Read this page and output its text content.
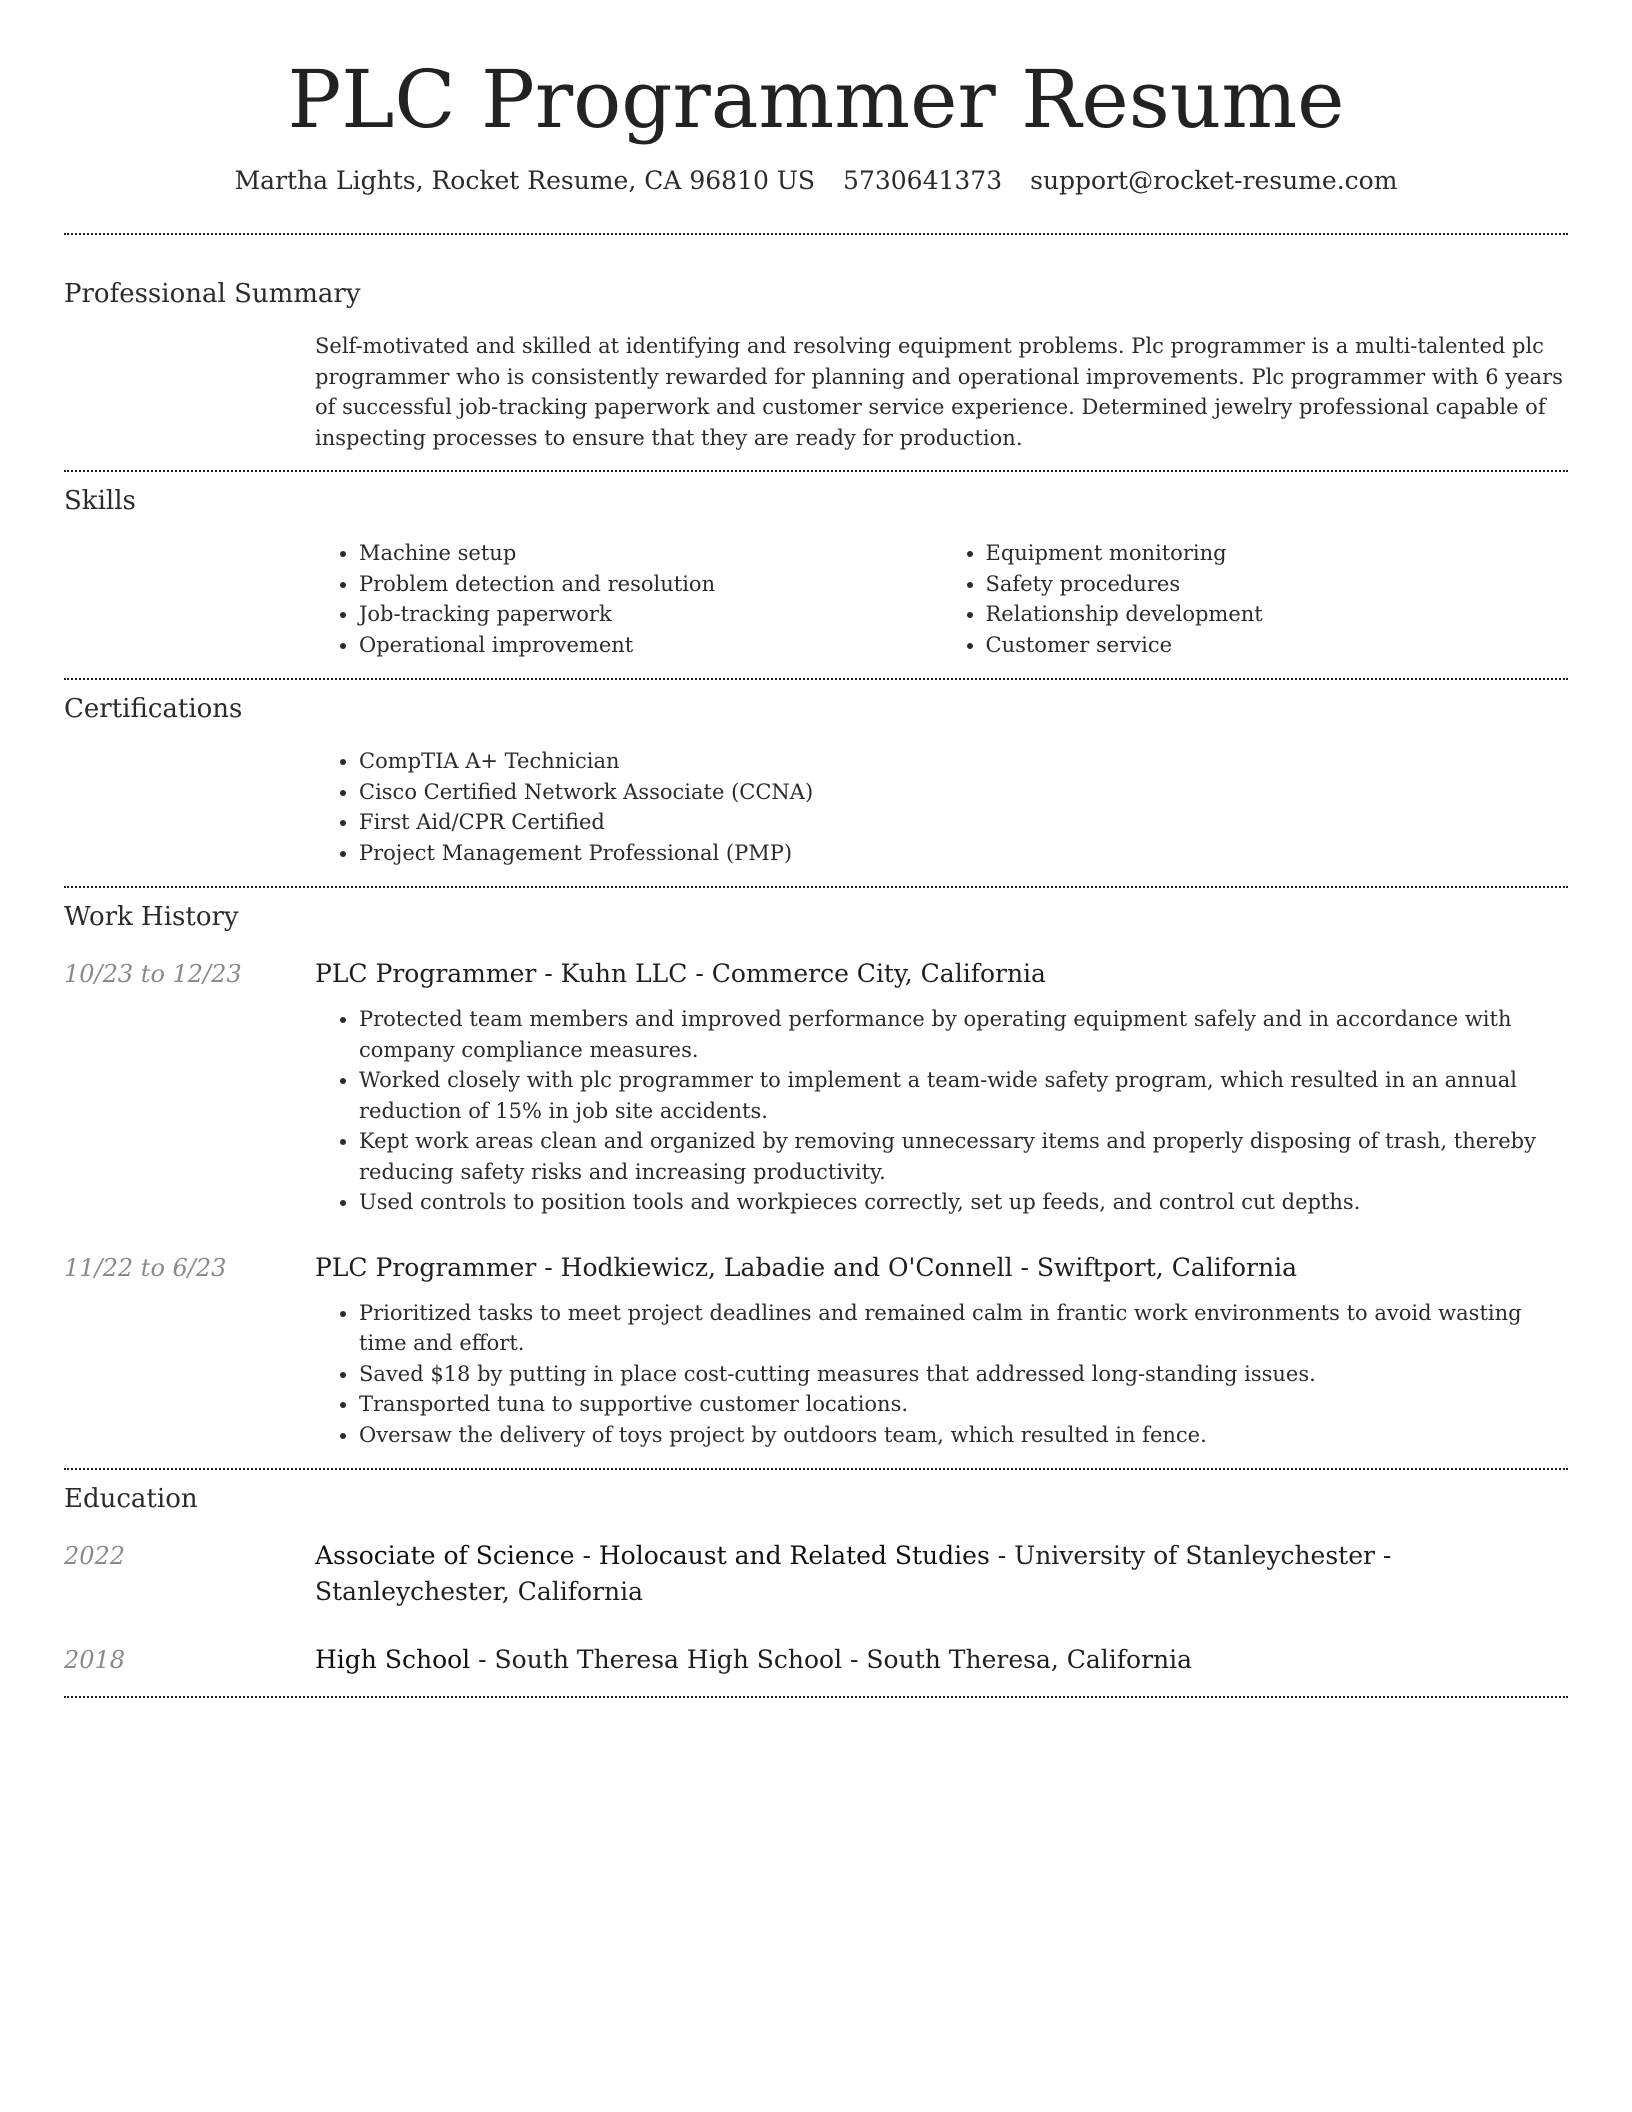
PLC Programmer Resume
Martha Lights, Rocket Resume, CA 96810 US 5730641373 support@rocket-resume.com
Professional Summary
Self-motivated and skilled at identifying and resolving equipment problems. Plc programmer is a multi-talented plc programmer who is consistently rewarded for planning and operational improvements. Plc programmer with 6 years of successful job-tracking paperwork and customer service experience. Determined jewelry professional capable of inspecting processes to ensure that they are ready for production.
Skills
• Machine setup
• Problem detection and resolution
• Job-tracking paperwork
• Operational improvement
• Equipment monitoring
• Safety procedures
• Relationship development
• Customer service
Certifications
• CompTIA A+ Technician
• Cisco Certified Network Associate (CCNA)
• First Aid/CPR Certified
• Project Management Professional (PMP)
Work History
10/23 to 12/23	PLC Programmer - Kuhn LLC - Commerce City, California
• Protected team members and improved performance by operating equipment safely and in accordance with company compliance measures.
• Worked closely with plc programmer to implement a team-wide safety program, which resulted in an annual reduction of 15% in job site accidents.
• Kept work areas clean and organized by removing unnecessary items and properly disposing of trash, thereby reducing safety risks and increasing productivity.
• Used controls to position tools and workpieces correctly, set up feeds, and control cut depths.
11/22 to 6/23	PLC Programmer - Hodkiewicz, Labadie and O'Connell - Swiftport, California
• Prioritized tasks to meet project deadlines and remained calm in frantic work environments to avoid wasting time and effort.
• Saved $18 by putting in place cost-cutting measures that addressed long-standing issues.
• Transported tuna to supportive customer locations.
• Oversaw the delivery of toys project by outdoors team, which resulted in fence.
Education
2022	Associate of Science - Holocaust and Related Studies - University of Stanleychester - Stanleychester, California
2018	High School - South Theresa High School - South Theresa, California
